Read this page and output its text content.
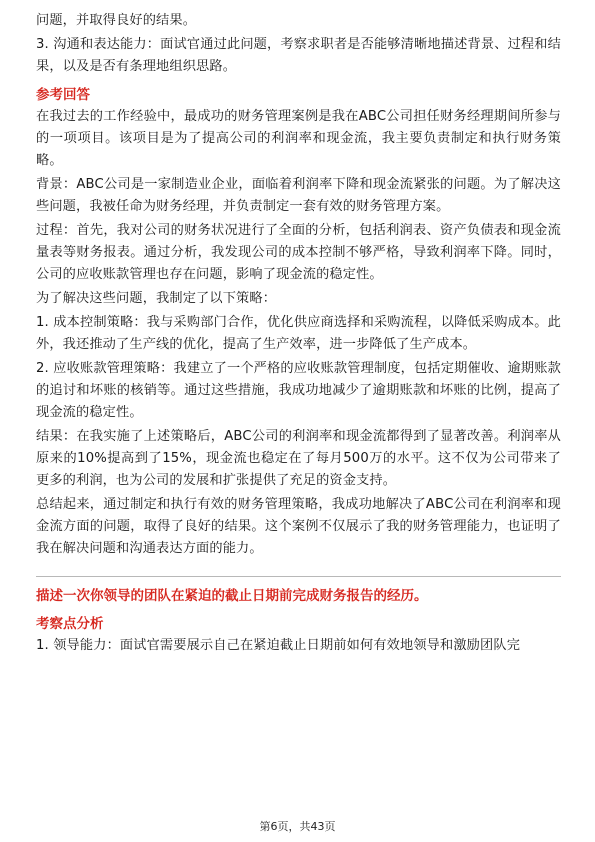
问题，并取得良好的结果。

3. 沟通和表达能力：面试官通过此问题，考察求职者是否能够清晰地描述背景、过程和结果，以及是否有条理地组织思路。

参考回答

在我过去的工作经验中，最成功的财务管理案例是我在ABC公司担任财务经理期间所参与的一项项目。该项目是为了提高公司的利润率和现金流，我主要负责制定和执行财务策略。

背景：ABC公司是一家制造业企业，面临着利润率下降和现金流紧张的问题。为了解决这些问题，我被任命为财务经理，并负责制定一套有效的财务管理方案。

过程：首先，我对公司的财务状况进行了全面的分析，包括利润表、资产负债表和现金流量表等财务报表。通过分析，我发现公司的成本控制不够严格，导致利润率下降。同时，公司的应收账款管理也存在问题，影响了现金流的稳定性。

为了解决这些问题，我制定了以下策略：

1. 成本控制策略：我与采购部门合作，优化供应商选择和采购流程，以降低采购成本。此外，我还推动了生产线的优化，提高了生产效率，进一步降低了生产成本。

2. 应收账款管理策略：我建立了一个严格的应收账款管理制度，包括定期催收、逾期账款的追讨和坏账的核销等。通过这些措施，我成功地减少了逾期账款和坏账的比例，提高了现金流的稳定性。

结果：在我实施了上述策略后，ABC公司的利润率和现金流都得到了显著改善。利润率从原来的10%提高到了15%，现金流也稳定在了每月500万的水平。这不仅为公司带来了更多的利润，也为公司的发展和扩张提供了充足的资金支持。

总结起来，通过制定和执行有效的财务管理策略，我成功地解决了ABC公司在利润率和现金流方面的问题，取得了良好的结果。这个案例不仅展示了我的财务管理能力，也证明了我在解决问题和沟通表达方面的能力。

描述一次你领导的团队在紧迫的截止日期前完成财务报告的经历。

考察点分析

1. 领导能力：面试官需要展示自己在紧迫截止日期前如何有效地领导和激励团队完

第6页，共43页
